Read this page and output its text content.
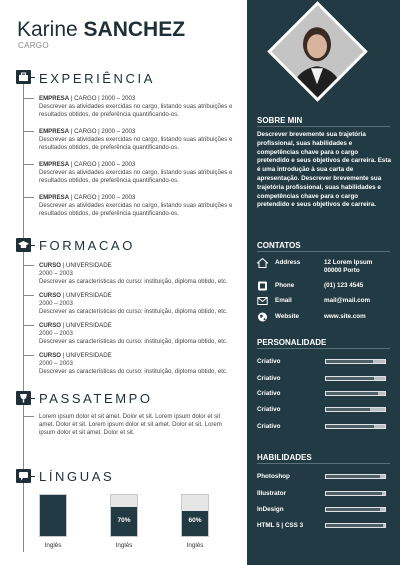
Karine SANCHEZ
CARGO
EXPERIÊNCIA
EMPRESA | CARGO | 2000 – 2003
Descrever as atividades exercidas no cargo, listando suas atribuições e resultados obtidos, de preferência quantificando-os.
EMPRESA | CARGO | 2000 – 2003
Descrever as atividades exercidas no cargo, listando suas atribuições e resultados obtidos, de preferência quantificando-os.
EMPRESA | CARGO | 2000 – 2003
Descrever as atividades exercidas no cargo, listando suas atribuições e resultados obtidos, de preferência quantificando-os.
EMPRESA | CARGO | 2000 – 2003
Descrever as atividades exercidas no cargo, listando suas atribuições e resultados obtidos, de preferência quantificando-os.
FORMACAO
CURSO | UNIVERSIDADE
2000 – 2003
Descrever as características do curso: instituição, diploma obtido, etc.
CURSO | UNIVERSIDADE
2000 – 2003
Descrever as características do curso: instituição, diploma obtido, etc.
CURSO | UNIVERSIDADE
2000 – 2003
Descrever as características do curso: instituição, diploma obtido, etc.
CURSO | UNIVERSIDADE
2000 – 2003
Descrever as características do curso: instituição, diploma obtido, etc.
PASSATEMPO
Lorem ipsum dolor et sit amet. Dolor et sit. Lorem ipsum dolor et sit amet. Dolor et sit. Lorem ipsum dolor et sit amet. Dolor et sit. Lorem ipsum dolor et sit amet. Dolor et sit.
LÍNGUAS
Inglês
70%
Inglês
60%
Inglês
SOBRE MIN
Descrever brevemente sua trajetória profissional, suas habilidades e competências chave para o cargo pretendido e seus objetivos de carreira. Esta é uma introdução à sua carta de apresentação. Descrever brevemente sua trajetória profissional, suas habilidades e competências chave para o cargo pretendido e seus objetivos de carreira.
CONTATOS
Address	12 Lorem Ipsum
00000 Porto
Phone	(01) 123 4545
Email	mail@mail.com
Website	www.site.com
PERSONALIDADE
Criativo
Criativo
Criativo
Criativo
Criativo
HABILIDADES
Photoshop
Illustrator
InDesign
HTML 5 | CSS 3
